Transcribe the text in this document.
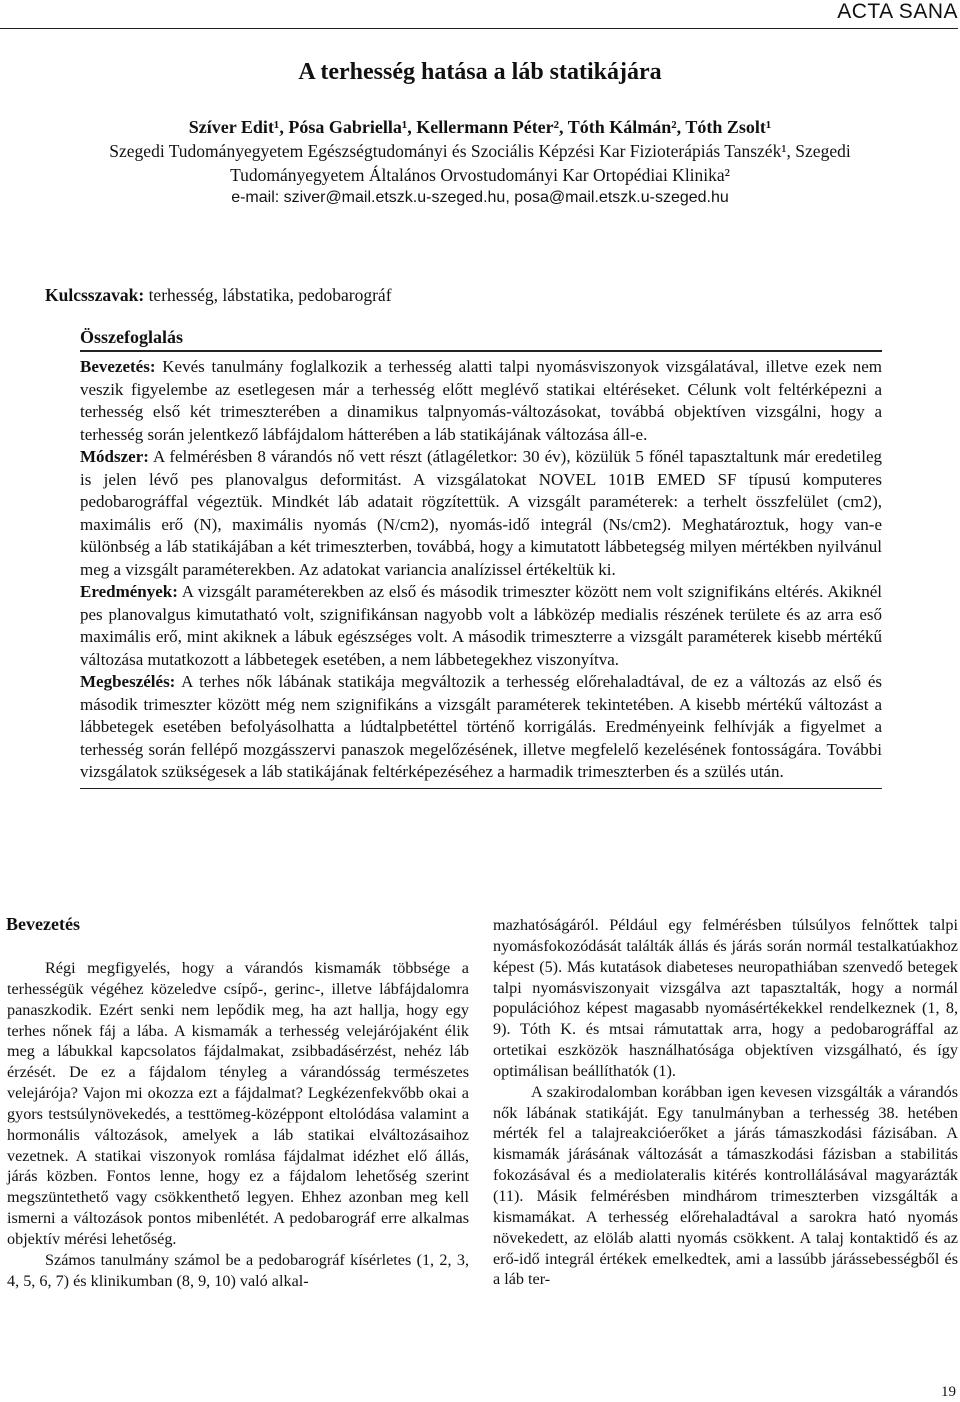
ACTA SANA
A terhesség hatása a láb statikájára
Szíver Edit¹, Pósa Gabriella¹, Kellermann Péter², Tóth Kálmán², Tóth Zsolt¹
Szegedi Tudományegyetem Egészségtudományi és Szociális Képzési Kar Fizioterápiás Tanszék¹, Szegedi Tudományegyetem Általános Orvostudományi Kar Ortopédiai Klinika²
e-mail: sziver@mail.etszk.u-szeged.hu, posa@mail.etszk.u-szeged.hu
Kulcsszavak: terhesség, lábstatika, pedobarográf
Összefoglalás

Bevezetés: Kevés tanulmány foglalkozik a terhesség alatti talpi nyomásviszonyok vizsgálatával, illetve ezek nem veszik figyelembe az esetlegesen már a terhesség előtt meglévő statikai eltéréseket. Célunk volt feltérképezni a terhesség első két trimeszterében a dinamikus talpnyomás-változásokat, továbbá objektíven vizsgálni, hogy a terhesség során jelentkező lábfájdalom hátterében a láb statikájának változása áll-e.

Módszer: A felmérésben 8 várandós nő vett részt (átlagéletkor: 30 év), közülük 5 főnél tapasztaltunk már eredetileg is jelen lévő pes planovalgus deformitást. A vizsgálatokat NOVEL 101B EMED SF típusú komputeres pedobarográffal végeztük. Mindkét láb adatait rögzítettük. A vizsgált paraméterek: a terhelt összfelület (cm2), maximális erő (N), maximális nyomás (N/cm2), nyomás-idő integrál (Ns/cm2). Meghatároztuk, hogy van-e különbség a láb statikájában a két trimeszterben, továbbá, hogy a kimutatott lábbetegség milyen mértékben nyilvánul meg a vizsgált paraméterekben. Az adatokat variancia analízissel értékeltük ki.

Eredmények: A vizsgált paraméterekben az első és második trimeszter között nem volt szignifikáns eltérés. Akiknél pes planovalgus kimutatható volt, szignifikánsan nagyobb volt a lábközép medialis részének területe és az arra eső maximális erő, mint akiknek a lábuk egészséges volt. A második trimeszterre a vizsgált paraméterek kisebb mértékű változása mutatkozott a lábbetegek esetében, a nem lábbetegekhez viszonyítva.

Megbeszélés: A terhes nők lábának statikája megváltozik a terhesség előrehaladtával, de ez a változás az első és második trimeszter között még nem szignifikáns a vizsgált paraméterek tekintetében. A kisebb mértékű változást a lábbetegek esetében befolyásolhatta a lúdtalpbetéttel történő korrigálás. Eredményeink felhívják a figyelmet a terhesség során fellépő mozgásszervi panaszok megelőzésének, illetve megfelelő kezelésének fontosságára. További vizsgálatok szükségesek a láb statikájának feltérképezéséhez a harmadik trimeszterben és a szülés után.

Bevezetés

Régi megfigyelés, hogy a várandós kismamák többsége a terhességük végéhez közeledve csípő-, gerinc-, illetve lábfájdalomra panaszkodik. Ezért senki nem lepődik meg, ha azt hallja, hogy egy terhes nőnek fáj a lába. A kismamák a terhesség velejárójaként élik meg a lábukkal kapcsolatos fájdalmakat, zsibbadásérzést, nehéz láb érzését. De ez a fájdalom tényleg a várandósság természetes velejárója? Vajon mi okozza ezt a fájdalmat? Legkézenfekvőbb okai a gyors testsúlynövekedés, a testtömeg-középpont eltolódása valamint a hormonális változások, amelyek a láb statikai elváltozásaihoz vezetnek. A statikai viszonyok romlása fájdalmat idézhet elő állás, járás közben. Fontos lenne, hogy ez a fájdalom lehetőség szerint megszüntethető vagy csökkenthető legyen. Ehhez azonban meg kell ismerni a változások pontos mibenlétét. A pedobarográf erre alkalmas objektív mérési lehetőség.

Számos tanulmány számol be a pedobarográf kísérletes (1, 2, 3, 4, 5, 6, 7) és klinikumban (8, 9, 10) való alkal-

mazhatóságáról. Például egy felmérésben túlsúlyos felnőttek talpi nyomásfokozódását találták állás és járás során normál testalkatúakhoz képest (5). Más kutatások diabeteses neuropathiában szenvedő betegek talpi nyomásviszonyait vizsgálva azt tapasztalták, hogy a normál populációhoz képest magasabb nyomásértékekkel rendelkeznek (1, 8, 9). Tóth K. és mtsai rámutattak arra, hogy a pedobarográffal az ortetikai eszközök használhatósága objektíven vizsgálható, és így optimálisan beállíthatók (1).

A szakirodalomban korábban igen kevesen vizsgálták a várandós nők lábának statikáját. Egy tanulmányban a terhesség 38. hetében mérték fel a talajreakcióerőket a járás támaszkodási fázisában. A kismamák járásának változását a támaszkodási fázisban a stabilitás fokozásával és a mediolateralis kitérés kontrollálásával magyarázták (11). Másik felmérésben mindhárom trimeszterben vizsgálták a kismamákat. A terhesség előrehaladtával a sarokra ható nyomás növekedett, az elöláb alatti nyomás csökkent. A talaj kontaktidő és az erő-idő integrál értékek emelkedtek, ami a lassúbb járássebességből és a láb ter-

19
